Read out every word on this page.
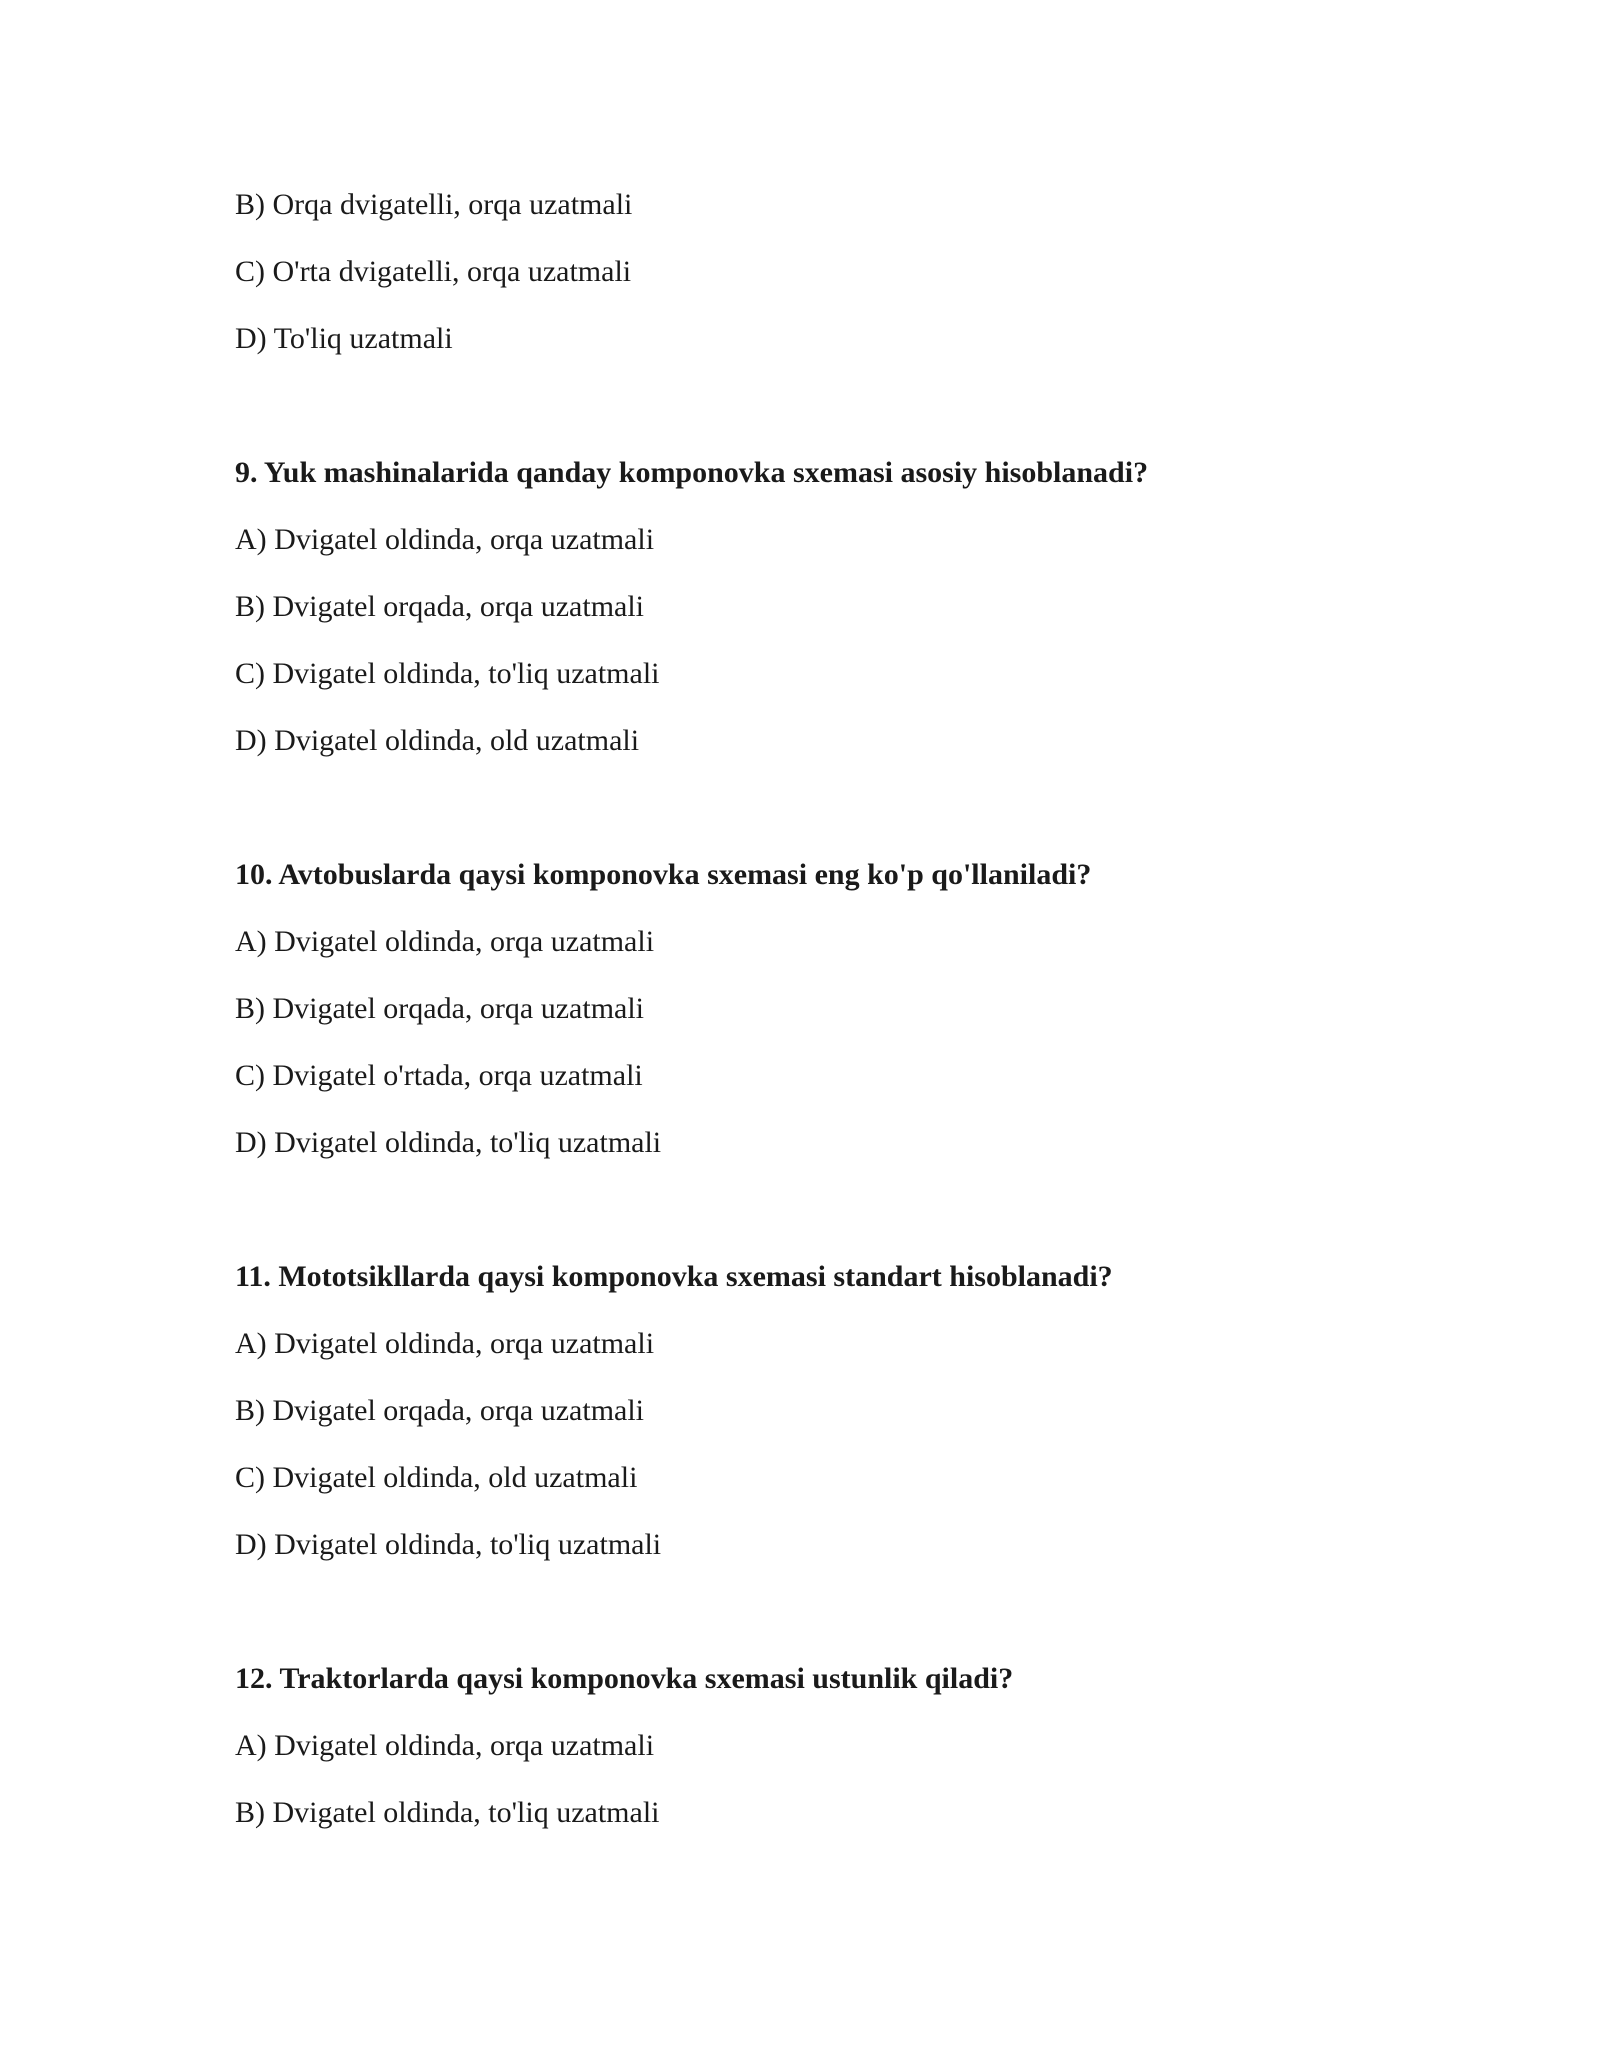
B) Orqa dvigatelli, orqa uzatmali
C) O'rta dvigatelli, orqa uzatmali
D) To'liq uzatmali
9. Yuk mashinalarida qanday komponovka sxemasi asosiy hisoblanadi?
A) Dvigatel oldinda, orqa uzatmali
B) Dvigatel orqada, orqa uzatmali
C) Dvigatel oldinda, to'liq uzatmali
D) Dvigatel oldinda, old uzatmali
10. Avtobuslarda qaysi komponovka sxemasi eng ko'p qo'llaniladi?
A) Dvigatel oldinda, orqa uzatmali
B) Dvigatel orqada, orqa uzatmali
C) Dvigatel o'rtada, orqa uzatmali
D) Dvigatel oldinda, to'liq uzatmali
11. Mototsikllarda qaysi komponovka sxemasi standart hisoblanadi?
A) Dvigatel oldinda, orqa uzatmali
B) Dvigatel orqada, orqa uzatmali
C) Dvigatel oldinda, old uzatmali
D) Dvigatel oldinda, to'liq uzatmali
12. Traktorlarda qaysi komponovka sxemasi ustunlik qiladi?
A) Dvigatel oldinda, orqa uzatmali
B) Dvigatel oldinda, to'liq uzatmali
